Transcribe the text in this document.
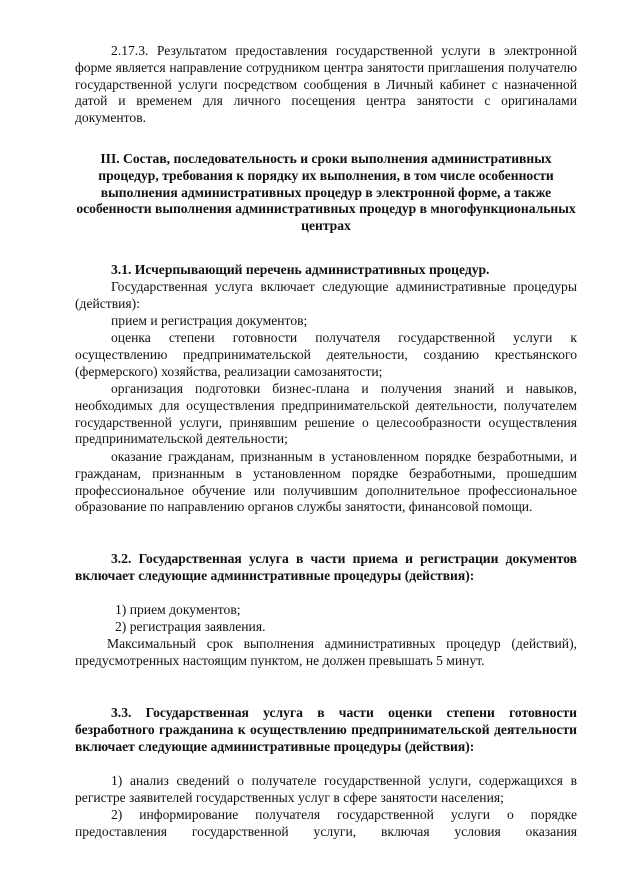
2.17.3. Результатом предоставления государственной услуги в электронной форме является направление сотрудником центра занятости приглашения получателю государственной услуги посредством сообщения в Личный кабинет с назначенной датой и временем для личного посещения центра занятости с оригиналами документов.

III. Состав, последовательность и сроки выполнения административных процедур, требования к порядку их выполнения, в том числе особенности выполнения административных процедур в электронной форме, а также особенности выполнения административных процедур в многофункциональных центрах

3.1. Исчерпывающий перечень административных процедур.

Государственная услуга включает следующие административные процедуры (действия):

прием и регистрация документов;

оценка степени готовности получателя государственной услуги к осуществлению предпринимательской деятельности, созданию крестьянского (фермерского) хозяйства, реализации самозанятости;

организация подготовки бизнес-плана и получения знаний и навыков, необходимых для осуществления предпринимательской деятельности, получателем государственной услуги, принявшим решение о целесообразности осуществления предпринимательской деятельности;

оказание гражданам, признанным в установленном порядке безработными, и гражданам, признанным в установленном порядке безработными, прошедшим профессиональное обучение или получившим дополнительное профессиональное образование по направлению органов службы занятости, финансовой помощи.

3.2. Государственная услуга в части приема и регистрации документов включает следующие административные процедуры (действия):

1) прием документов;

2) регистрация заявления.

Максимальный срок выполнения административных процедур (действий), предусмотренных настоящим пунктом, не должен превышать 5 минут.

3.3. Государственная услуга в части оценки степени готовности безработного гражданина к осуществлению предпринимательской деятельности включает следующие административные процедуры (действия):

1) анализ сведений о получателе государственной услуги, содержащихся в регистре заявителей государственных услуг в сфере занятости населения;

2) информирование получателя государственной услуги о порядке предоставления государственной услуги, включая условия оказания
